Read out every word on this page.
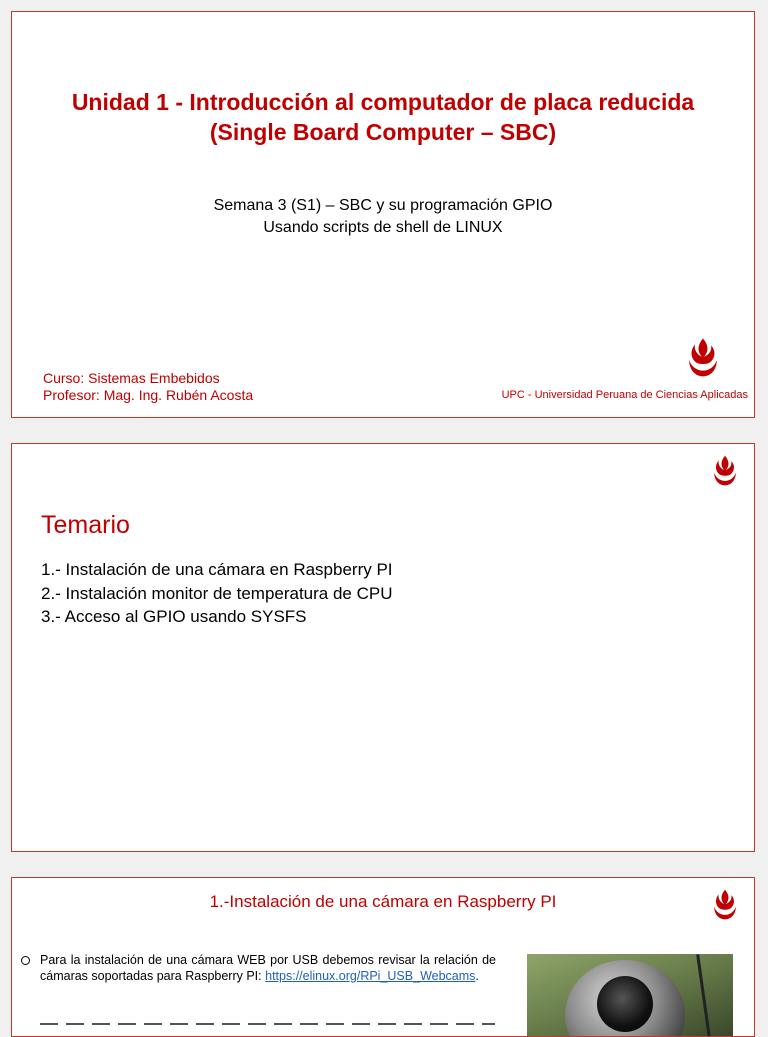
Unidad 1 - Introducción al computador de placa reducida
(Single Board Computer – SBC)
Semana 3 (S1) – SBC y su programación GPIO
Usando scripts de shell de LINUX
Curso: Sistemas Embebidos
Profesor: Mag. Ing. Rubén Acosta	UPC - Universidad Peruana de Ciencias Aplicadas
Temario
1.- Instalación de una cámara en Raspberry PI
2.- Instalación monitor de temperatura de CPU
3.- Acceso al GPIO usando SYSFS
1.-Instalación de una cámara en Raspberry PI
Para la instalación de una cámara WEB por USB debemos revisar la relación de cámaras soportadas para Raspberry PI: https://elinux.org/RPi_USB_Webcams.
